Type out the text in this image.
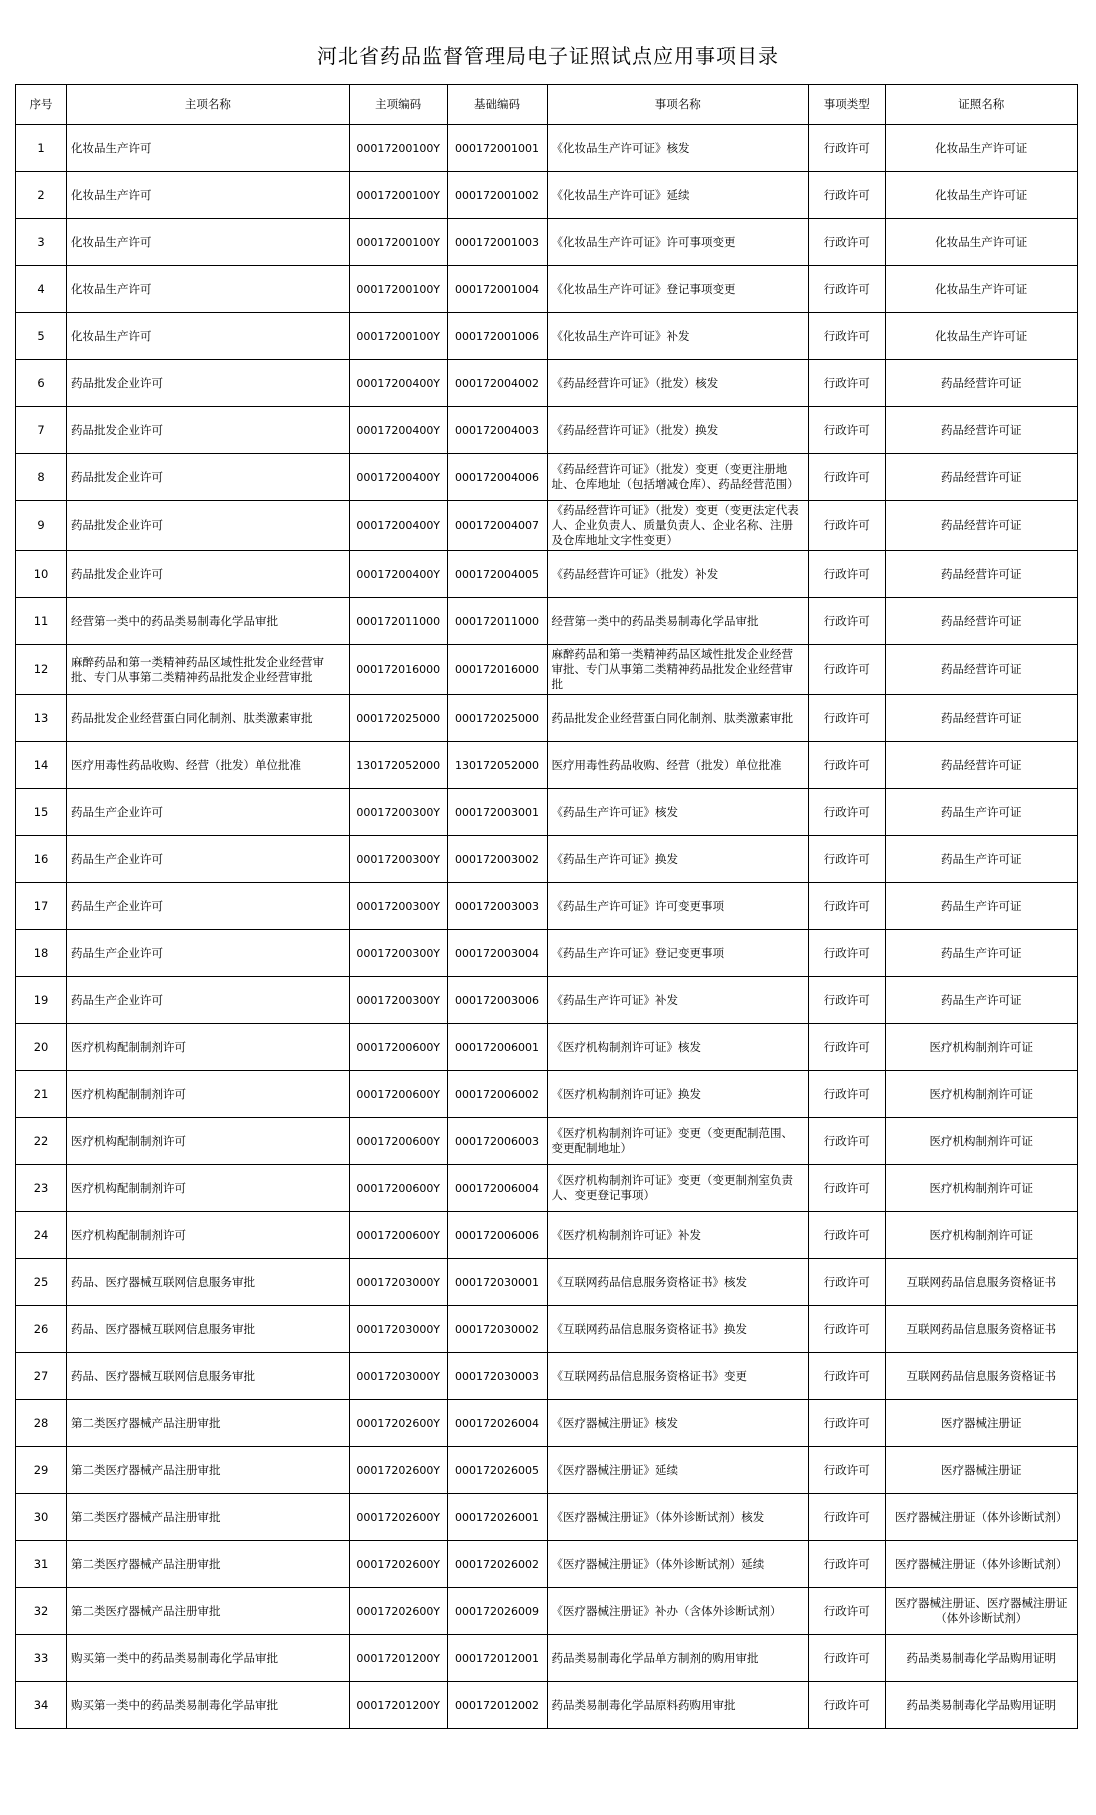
河北省药品监督管理局电子证照试点应用事项目录
序号	主项名称	主项编码	基础编码	事项名称	事项类型	证照名称
1	化妆品生产许可	00017200100Y	000172001001	《化妆品生产许可证》核发	行政许可	化妆品生产许可证
2	化妆品生产许可	00017200100Y	000172001002	《化妆品生产许可证》延续	行政许可	化妆品生产许可证
3	化妆品生产许可	00017200100Y	000172001003	《化妆品生产许可证》许可事项变更	行政许可	化妆品生产许可证
4	化妆品生产许可	00017200100Y	000172001004	《化妆品生产许可证》登记事项变更	行政许可	化妆品生产许可证
5	化妆品生产许可	00017200100Y	000172001006	《化妆品生产许可证》补发	行政许可	化妆品生产许可证
6	药品批发企业许可	00017200400Y	000172004002	《药品经营许可证》（批发）核发	行政许可	药品经营许可证
7	药品批发企业许可	00017200400Y	000172004003	《药品经营许可证》（批发）换发	行政许可	药品经营许可证
8	药品批发企业许可	00017200400Y	000172004006	《药品经营许可证》（批发）变更（变更注册地址、仓库地址（包括增减仓库）、药品经营范围）	行政许可	药品经营许可证
9	药品批发企业许可	00017200400Y	000172004007	《药品经营许可证》（批发）变更（变更法定代表人、企业负责人、质量负责人、企业名称、注册及仓库地址文字性变更）	行政许可	药品经营许可证
10	药品批发企业许可	00017200400Y	000172004005	《药品经营许可证》（批发）补发	行政许可	药品经营许可证
11	经营第一类中的药品类易制毒化学品审批	000172011000	000172011000	经营第一类中的药品类易制毒化学品审批	行政许可	药品经营许可证
12	麻醉药品和第一类精神药品区域性批发企业经营审批、专门从事第二类精神药品批发企业经营审批	000172016000	000172016000	麻醉药品和第一类精神药品区域性批发企业经营审批、专门从事第二类精神药品批发企业经营审批	行政许可	药品经营许可证
13	药品批发企业经营蛋白同化制剂、肽类激素审批	000172025000	000172025000	药品批发企业经营蛋白同化制剂、肽类激素审批	行政许可	药品经营许可证
14	医疗用毒性药品收购、经营（批发）单位批准	130172052000	130172052000	医疗用毒性药品收购、经营（批发）单位批准	行政许可	药品经营许可证
15	药品生产企业许可	00017200300Y	000172003001	《药品生产许可证》核发	行政许可	药品生产许可证
16	药品生产企业许可	00017200300Y	000172003002	《药品生产许可证》换发	行政许可	药品生产许可证
17	药品生产企业许可	00017200300Y	000172003003	《药品生产许可证》许可变更事项	行政许可	药品生产许可证
18	药品生产企业许可	00017200300Y	000172003004	《药品生产许可证》登记变更事项	行政许可	药品生产许可证
19	药品生产企业许可	00017200300Y	000172003006	《药品生产许可证》补发	行政许可	药品生产许可证
20	医疗机构配制制剂许可	00017200600Y	000172006001	《医疗机构制剂许可证》核发	行政许可	医疗机构制剂许可证
21	医疗机构配制制剂许可	00017200600Y	000172006002	《医疗机构制剂许可证》换发	行政许可	医疗机构制剂许可证
22	医疗机构配制制剂许可	00017200600Y	000172006003	《医疗机构制剂许可证》变更（变更配制范围、变更配制地址）	行政许可	医疗机构制剂许可证
23	医疗机构配制制剂许可	00017200600Y	000172006004	《医疗机构制剂许可证》变更（变更制剂室负责人、变更登记事项）	行政许可	医疗机构制剂许可证
24	医疗机构配制制剂许可	00017200600Y	000172006006	《医疗机构制剂许可证》补发	行政许可	医疗机构制剂许可证
25	药品、医疗器械互联网信息服务审批	00017203000Y	000172030001	《互联网药品信息服务资格证书》核发	行政许可	互联网药品信息服务资格证书
26	药品、医疗器械互联网信息服务审批	00017203000Y	000172030002	《互联网药品信息服务资格证书》换发	行政许可	互联网药品信息服务资格证书
27	药品、医疗器械互联网信息服务审批	00017203000Y	000172030003	《互联网药品信息服务资格证书》变更	行政许可	互联网药品信息服务资格证书
28	第二类医疗器械产品注册审批	00017202600Y	000172026004	《医疗器械注册证》核发	行政许可	医疗器械注册证
29	第二类医疗器械产品注册审批	00017202600Y	000172026005	《医疗器械注册证》延续	行政许可	医疗器械注册证
30	第二类医疗器械产品注册审批	00017202600Y	000172026001	《医疗器械注册证》（体外诊断试剂）核发	行政许可	医疗器械注册证（体外诊断试剂）
31	第二类医疗器械产品注册审批	00017202600Y	000172026002	《医疗器械注册证》（体外诊断试剂）延续	行政许可	医疗器械注册证（体外诊断试剂）
32	第二类医疗器械产品注册审批	00017202600Y	000172026009	《医疗器械注册证》补办（含体外诊断试剂）	行政许可	医疗器械注册证、医疗器械注册证（体外诊断试剂）
33	购买第一类中的药品类易制毒化学品审批	00017201200Y	000172012001	药品类易制毒化学品单方制剂的购用审批	行政许可	药品类易制毒化学品购用证明
34	购买第一类中的药品类易制毒化学品审批	00017201200Y	000172012002	药品类易制毒化学品原料药购用审批	行政许可	药品类易制毒化学品购用证明
